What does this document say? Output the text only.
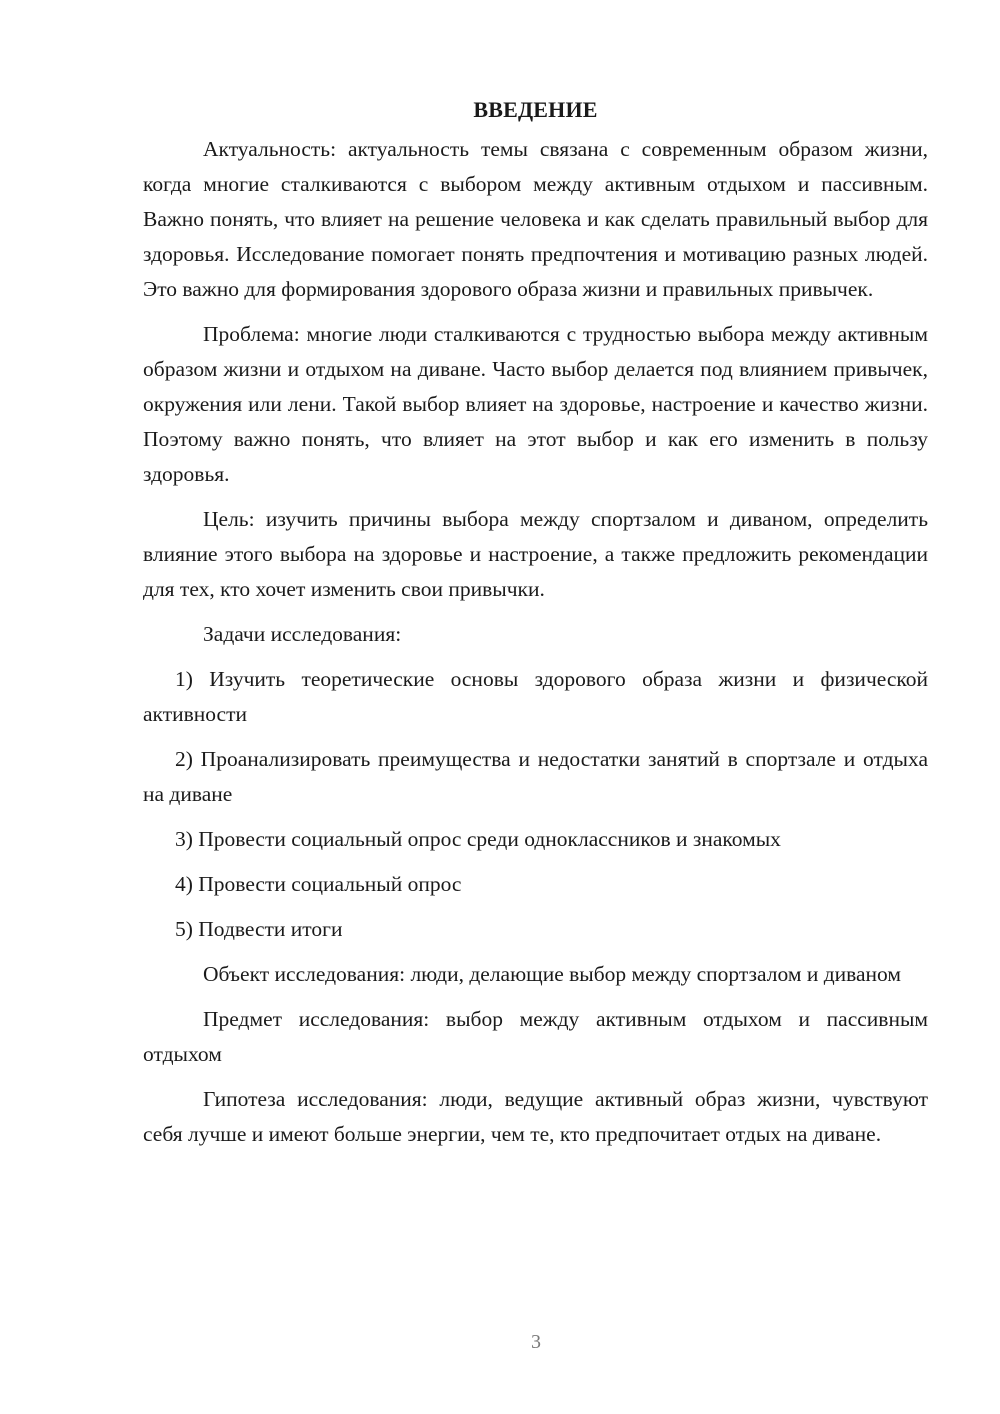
ВВЕДЕНИЕ

Актуальность: актуальность темы связана с современным образом жизни, когда многие сталкиваются с выбором между активным отдыхом и пассивным. Важно понять, что влияет на решение человека и как сделать правильный выбор для здоровья. Исследование помогает понять предпочтения и мотивацию разных людей. Это важно для формирования здорового образа жизни и правильных привычек.

Проблема: многие люди сталкиваются с трудностью выбора между активным образом жизни и отдыхом на диване. Часто выбор делается под влиянием привычек, окружения или лени. Такой выбор влияет на здоровье, настроение и качество жизни. Поэтому важно понять, что влияет на этот выбор и как его изменить в пользу здоровья.

Цель: изучить причины выбора между спортзалом и диваном, определить влияние этого выбора на здоровье и настроение, а также предложить рекомендации для тех, кто хочет изменить свои привычки.

Задачи исследования:

1) Изучить теоретические основы здорового образа жизни и физической активности

2) Проанализировать преимущества и недостатки занятий в спортзале и отдыха на диване

3) Провести социальный опрос среди одноклассников и знакомых

4) Провести социальный опрос

5) Подвести итоги

Объект исследования: люди, делающие выбор между спортзалом и диваном

Предмет исследования: выбор между активным отдыхом и пассивным отдыхом

Гипотеза исследования: люди, ведущие активный образ жизни, чувствуют себя лучше и имеют больше энергии, чем те, кто предпочитает отдых на диване.

3
